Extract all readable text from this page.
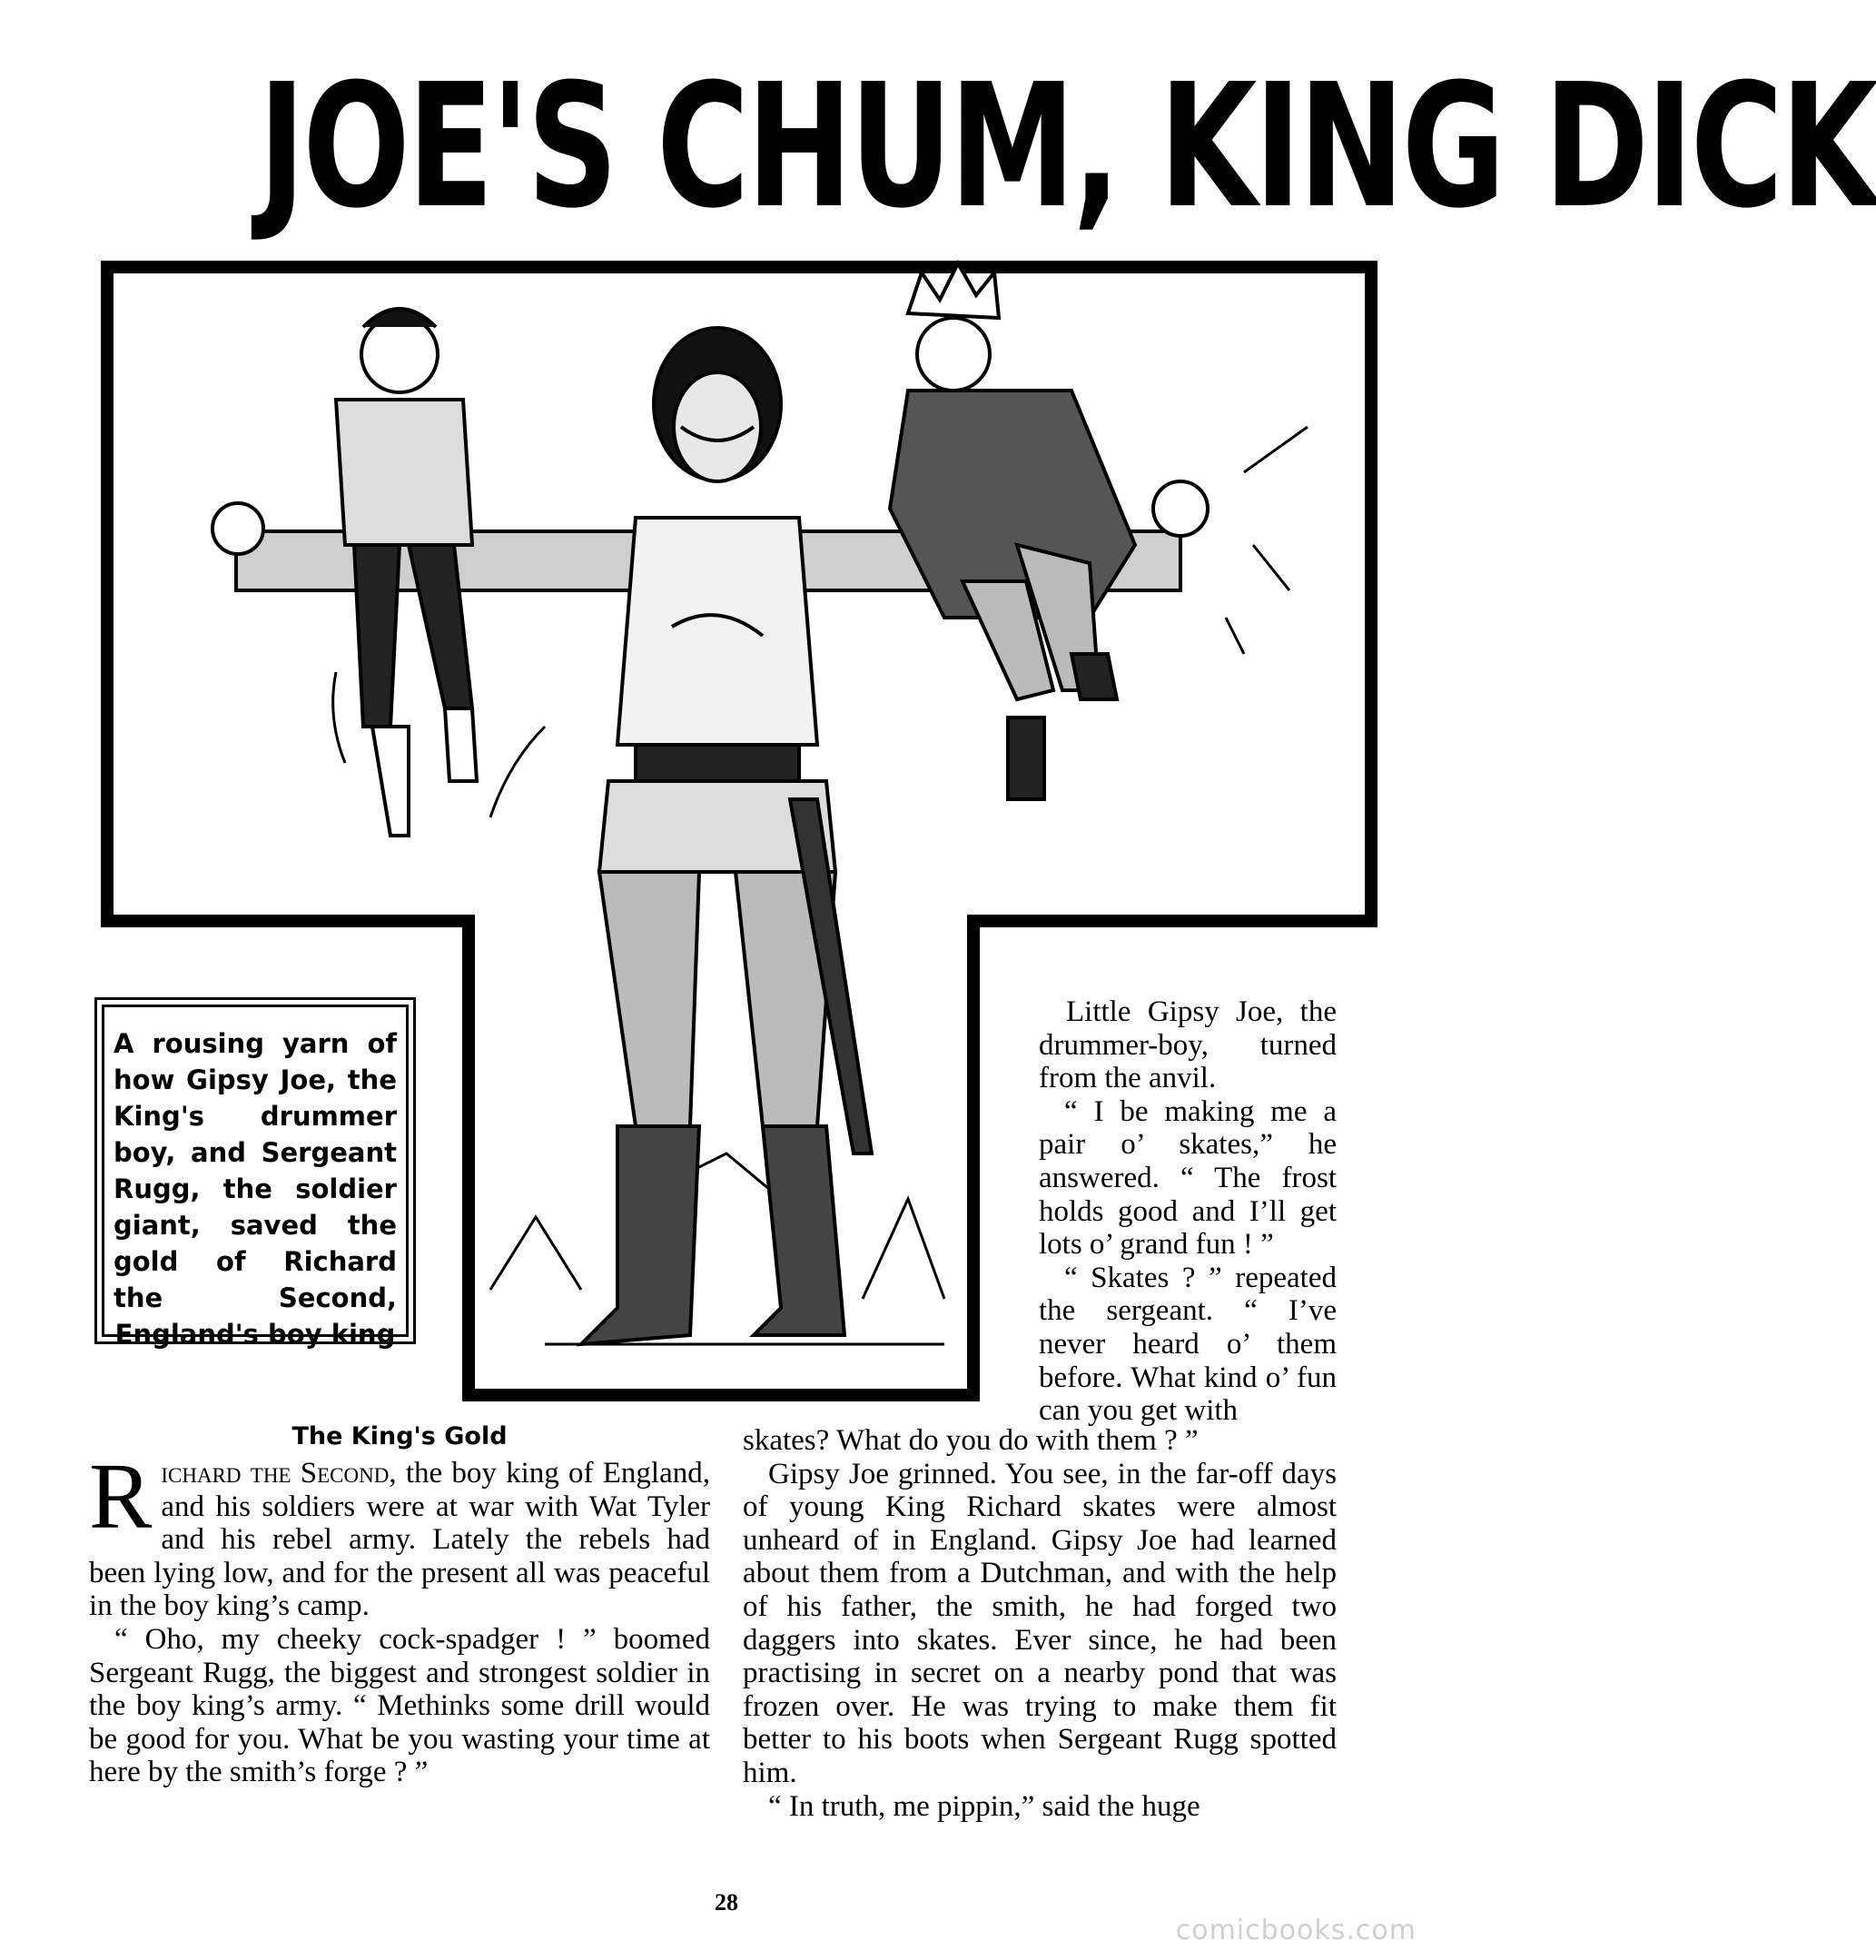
JOE'S CHUM, KING DICK
A rousing yarn of how Gipsy Joe, the King's drummer boy, and Sergeant Rugg, the soldier giant, saved the gold of Richard the Second, England's boy king

Little Gipsy Joe, the drummer-boy, turned from the anvil.

“ I be making me a pair o’ skates,” he answered. “ The frost holds good and I’ll get lots o’ grand fun ! ”

“ Skates ? ” repeated the sergeant. “ I’ve never heard o’ them before. What kind o’ fun can you get with

The King's Gold

Richard the Second, the boy king of England, and his soldiers were at war with Wat Tyler and his rebel army. Lately the rebels had been lying low, and for the present all was peaceful in the boy king’s camp.

“ Oho, my cheeky cock-spadger ! ” boomed Sergeant Rugg, the biggest and strongest soldier in the boy king’s army. “ Methinks some drill would be good for you. What be you wasting your time at here by the smith’s forge ? ”

skates? What do you do with them ? ”

Gipsy Joe grinned. You see, in the far-off days of young King Richard skates were almost unheard of in England. Gipsy Joe had learned about them from a Dutchman, and with the help of his father, the smith, he had forged two daggers into skates. Ever since, he had been practising in secret on a nearby pond that was frozen over. He was trying to make them fit better to his boots when Sergeant Rugg spotted him.

“ In truth, me pippin,” said the huge

28
comicbooks.com
